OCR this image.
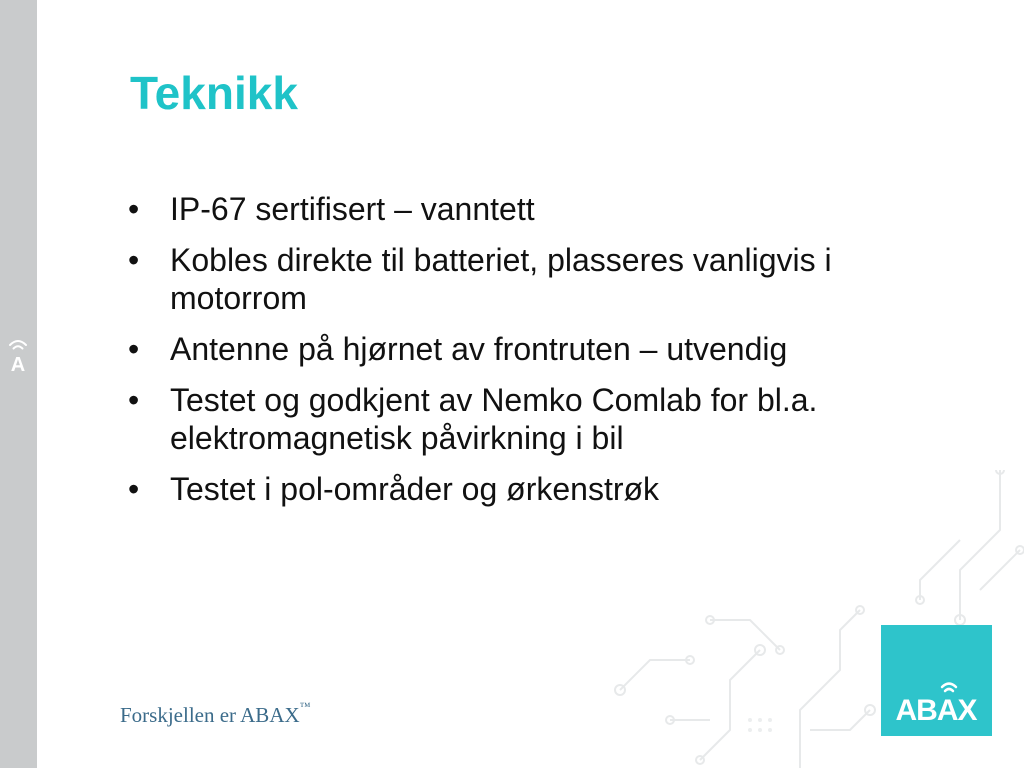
A
Teknikk
• IP-67 sertifisert – vanntett
• Kobles direkte til batteriet, plasseres vanligvis i motorrom
• Antenne på hjørnet av frontruten – utvendig
• Testet og godkjent av Nemko Comlab for bl.a. elektromagnetisk påvirkning i bil
• Testet i pol-områder og ørkenstrøk
Forskjellen er ABAX™	ABAX
